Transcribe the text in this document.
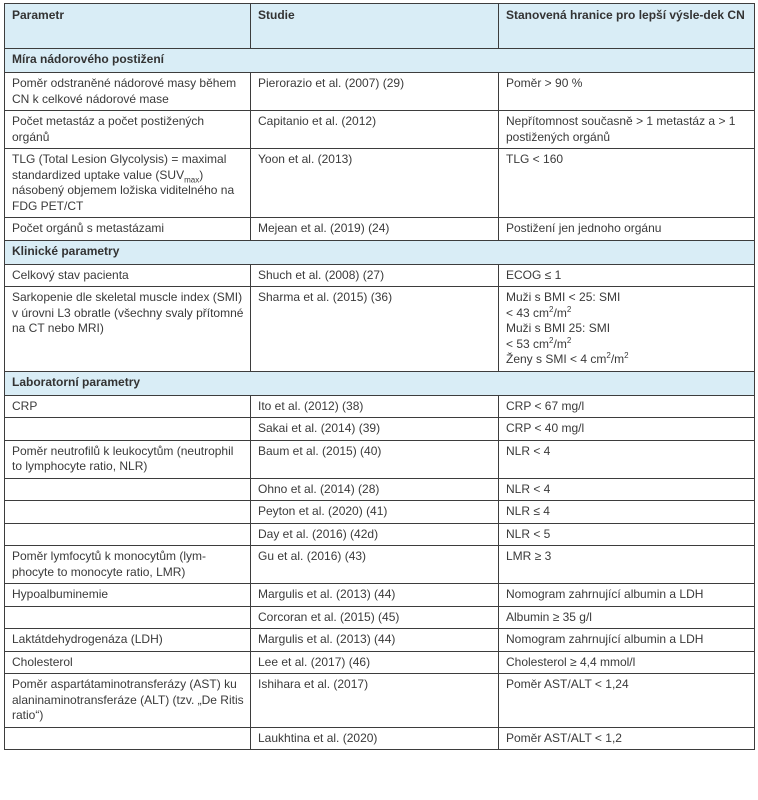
Parametr	Studie	Stanovená hranice pro lepší výsle-dek CN
Míra nádorového postižení		
Poměr odstraněné nádorové masy během CN k celkové nádorové mase	Pierorazio et al. (2007) (29)	Poměr > 90 %
Počet metastáz a počet postižených orgánů	Capitanio et al. (2012)	Nepřítomnost současně > 1 metastáz a > 1 postižených orgánů
TLG (Total Lesion Glycolysis) = maximal standardized uptake value $(SUV_{max})$ násobený objemem ložiska viditelného na FDG PET/CT	Yoon et al. (2013)	TLG < 160
Počet orgánů s metastázami	Mejean et al. (2019) (24)	Postižení jen jednoho orgánu
Klinické parametry		
Celkový stav pacienta	Shuch et al. (2008) (27)	ECOG ≤ 1
Sarkopenie dle skeletal muscle index (SMI) v úrovni L3 obratle (všechny svaly přítomné na CT nebo MRI)	Sharma et al. (2015) (36)	Muži s BMI < 25: SMI
< 43 $cm^2/m^2$
Muži s BMI 25: SMI
< 53 $cm^2/m^2$
Ženy s SMI < 4 $cm^2/m^2$

Laboratorní parametry		
CRP	Ito et al. (2012) (38)	CRP < 67 mg/l
	Sakai et al. (2014) (39)	CRP < 40 mg/l
Poměr neutrofilů k leukocytům (neutrophil to lymphocyte ratio, NLR)	Baum et al. (2015) (40)	NLR < 4
	Ohno et al. (2014) (28)	NLR < 4
	Peyton et al. (2020) (41)	NLR ≤ 4
	Day et al. (2016) (42d)	NLR < 5
Poměr lymfocytů k monocytům (lym-phocyte to monocyte ratio, LMR)	Gu et al. (2016) (43)	LMR ≥ 3
Hypoalbuminemie	Margulis et al. (2013) (44)	Nomogram zahrnující albumin a LDH
	Corcoran et al. (2015) (45)	Albumin ≥ 35 g/l
Laktátdehydrogenáza (LDH)	Margulis et al. (2013) (44)	Nomogram zahrnující albumin a LDH
Cholesterol	Lee et al. (2017) (46)	Cholesterol ≥ 4,4 mmol/l
Poměr aspartátaminotransferázy (AST) ku alaninaminotransferáze (ALT) (tzv. „De Ritis ratio“)	Ishihara et al. (2017)	Poměr AST/ALT < 1,24
	Laukhtina et al. (2020)	Poměr AST/ALT < 1,2
